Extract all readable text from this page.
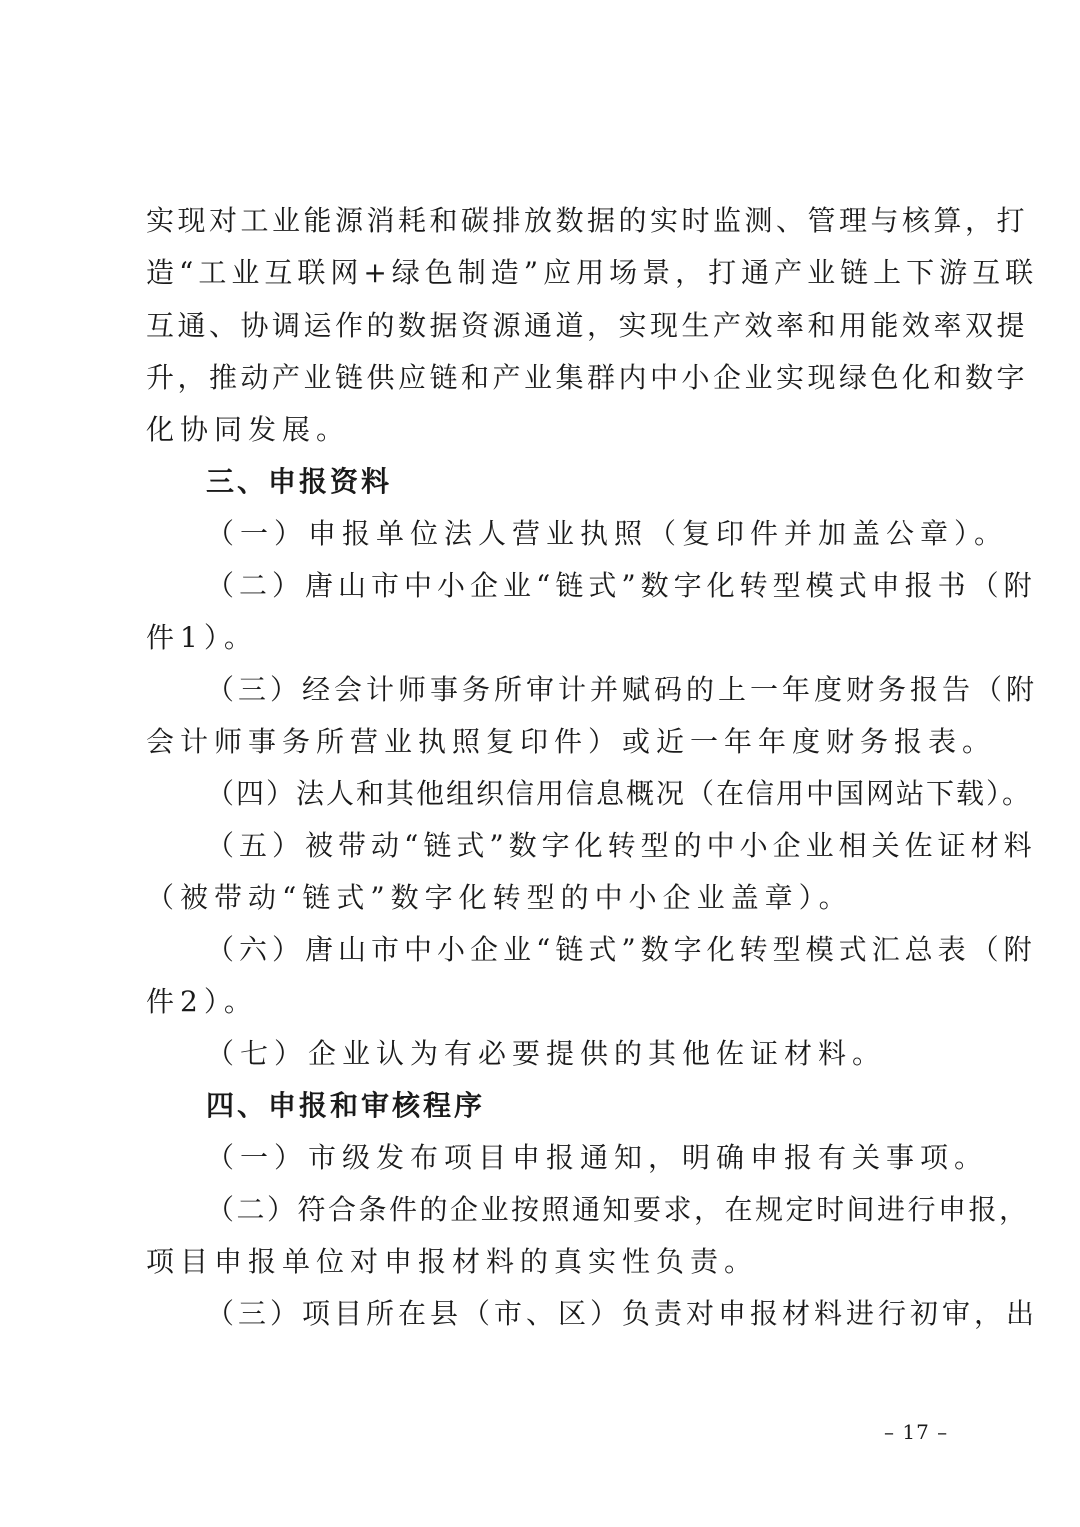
实现对工业能源消耗和碳排放数据的实时监测、管理与核算，打
造“工业互联网+绿色制造”应用场景，打通产业链上下游互联
互通、协调运作的数据资源通道，实现生产效率和用能效率双提
升，推动产业链供应链和产业集群内中小企业实现绿色化和数字
化协同发展。
三、申报资料
（一）申报单位法人营业执照（复印件并加盖公章）。
（二）唐山市中小企业“链式”数字化转型模式申报书（附
件1）。
（三）经会计师事务所审计并赋码的上一年度财务报告（附
会计师事务所营业执照复印件）或近一年年度财务报表。
（四）法人和其他组织信用信息概况（在信用中国网站下载）。
（五）被带动“链式”数字化转型的中小企业相关佐证材料
（被带动“链式”数字化转型的中小企业盖章）。
（六）唐山市中小企业“链式”数字化转型模式汇总表（附
件2）。
（七）企业认为有必要提供的其他佐证材料。
四、申报和审核程序
（一）市级发布项目申报通知，明确申报有关事项。
（二）符合条件的企业按照通知要求，在规定时间进行申报，
项目申报单位对申报材料的真实性负责。
（三）项目所在县（市、区）负责对申报材料进行初审，出
– 17 –
